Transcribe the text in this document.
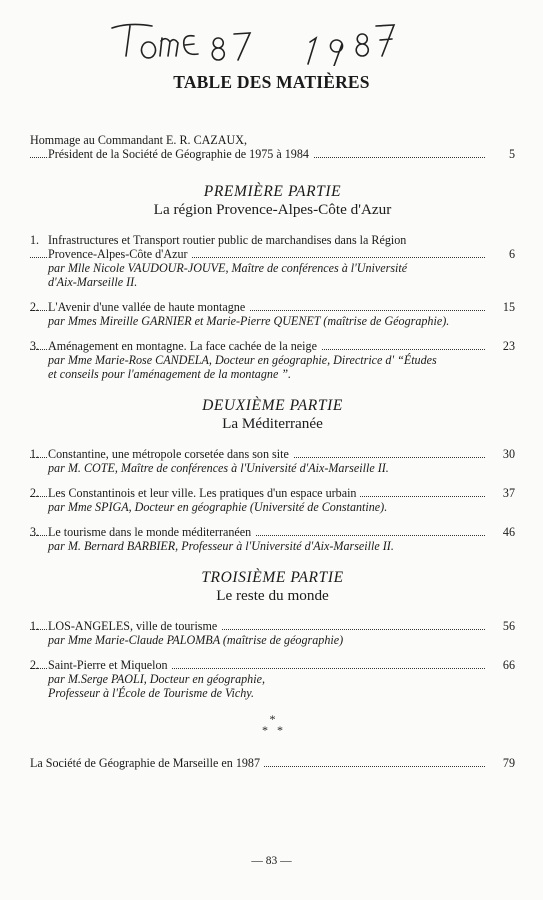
TABLE DES MATIÈRES
Hommage au Commandant E. R. CAZAUX,
Président de la Société de Géographie de 1975 à 1984	5
PREMIÈRE PARTIE
La région Provence-Alpes-Côte d'Azur
1. Infrastructures et Transport routier public de marchandises dans la Région
Provence-Alpes-Côte d'Azur	6
par Mlle Nicole VAUDOUR-JOUVE, Maître de conférences à l'Université
d'Aix-Marseille II.
2. L'Avenir d'une vallée de haute montagne	15
par Mmes Mireille GARNIER et Marie-Pierre QUENET (maîtrise de Géographie).
3. Aménagement en montagne. La face cachée de la neige	23
par Mme Marie-Rose CANDELA, Docteur en géographie, Directrice d' “Études
et conseils pour l'aménagement de la montagne ”.
DEUXIÈME PARTIE
La Méditerranée
1. Constantine, une métropole corsetée dans son site	30
par M. COTE, Maître de conférences à l'Université d'Aix-Marseille II.
2. Les Constantinois et leur ville. Les pratiques d'un espace urbain	37
par Mme SPIGA, Docteur en géographie (Université de Constantine).
3. Le tourisme dans le monde méditerranéen	46
par M. Bernard BARBIER, Professeur à l'Université d'Aix-Marseille II.
TROISIÈME PARTIE
Le reste du monde
1. LOS-ANGELES, ville de tourisme	56
par Mme Marie-Claude PALOMBA (maîtrise de géographie)
2. Saint-Pierre et Miquelon	66
par M.Serge PAOLI, Docteur en géographie,
Professeur à l'École de Tourisme de Vichy.
*
*   *
La Société de Géographie de Marseille en 1987	79
— 83 —
